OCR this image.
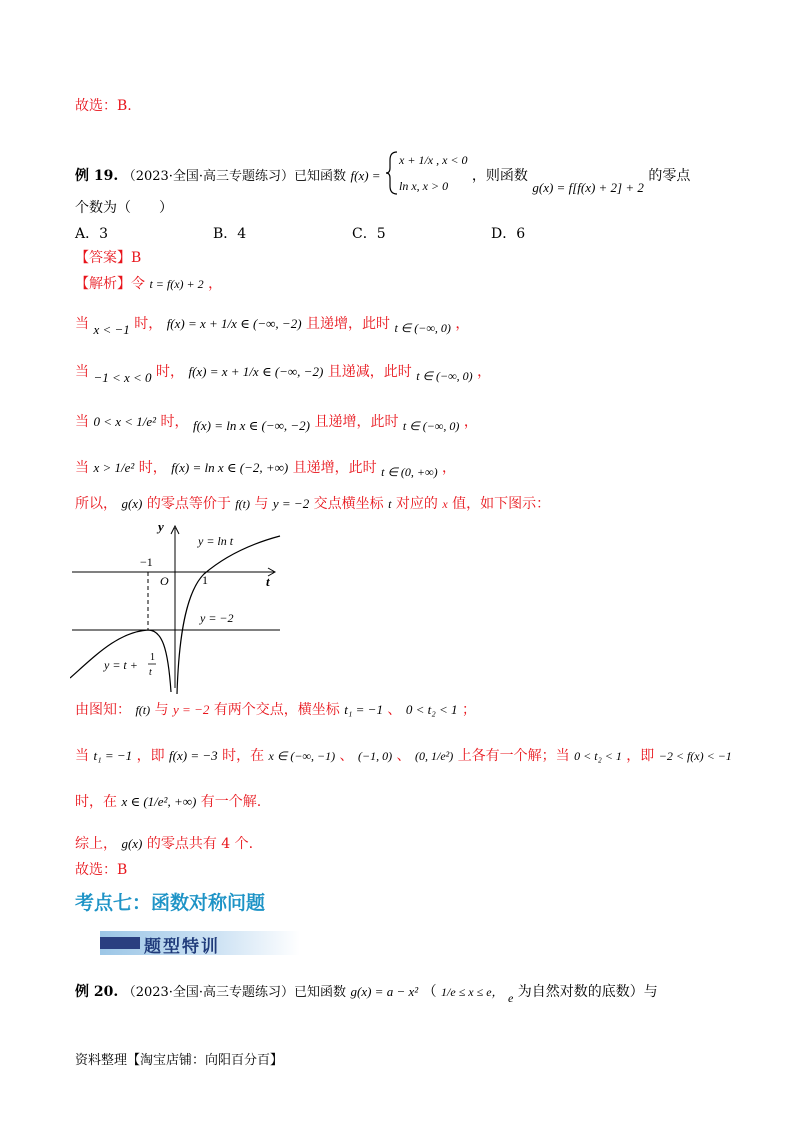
故选：B.
例 19. （2023·全国·高三专题练习）已知函数 f(x) =
x + 1/x , x < 0
ln x, x > 0
，则函数 g(x) = f[f(x) + 2] + 2 的零点
个数为（　　）
A．3	B．4	C．5	D．6
【答案】B
【解析】令 t = f(x) + 2 ，
当 x < −1 时， f(x) = x + 1/x ∈ (−∞, −2) 且递增，此时 t ∈ (−∞, 0) ，
当 −1 < x < 0 时， f(x) = x + 1/x ∈ (−∞, −2) 且递减，此时 t ∈ (−∞, 0) ，
当 0 < x < 1/e² 时， f(x) = ln x ∈ (−∞, −2) 且递增，此时 t ∈ (−∞, 0) ，
当 x > 1/e² 时， f(x) = ln x ∈ (−2, +∞) 且递增，此时 t ∈ (0, +∞) ，
所以， g(x) 的零点等价于 f(t) 与 y = −2 交点横坐标 t 对应的 x 值，如下图示：
y
t
O
−1
1
y = ln t
y = −2
y = t +
1
t
由图知： f(t) 与 y = −2 有两个交点，横坐标 t₁ = −1 、 0 < t₂ < 1 ；
当 t₁ = −1 ，即 f(x) = −3 时，在 x ∈ (−∞, −1) 、 (−1, 0) 、 (0, 1/e²) 上各有一个解；当 0 < t₂ < 1 ，即 −2 < f(x) < −1
时，在 x ∈ (1/e², +∞) 有一个解.
综上， g(x) 的零点共有 4 个.
故选：B
考点七：函数对称问题
题型特训
例 20. （2023·全国·高三专题练习）已知函数 g(x) = a − x² （ 1/e ≤ x ≤ e， e 为自然对数的底数）与
资料整理【淘宝店铺：向阳百分百】
